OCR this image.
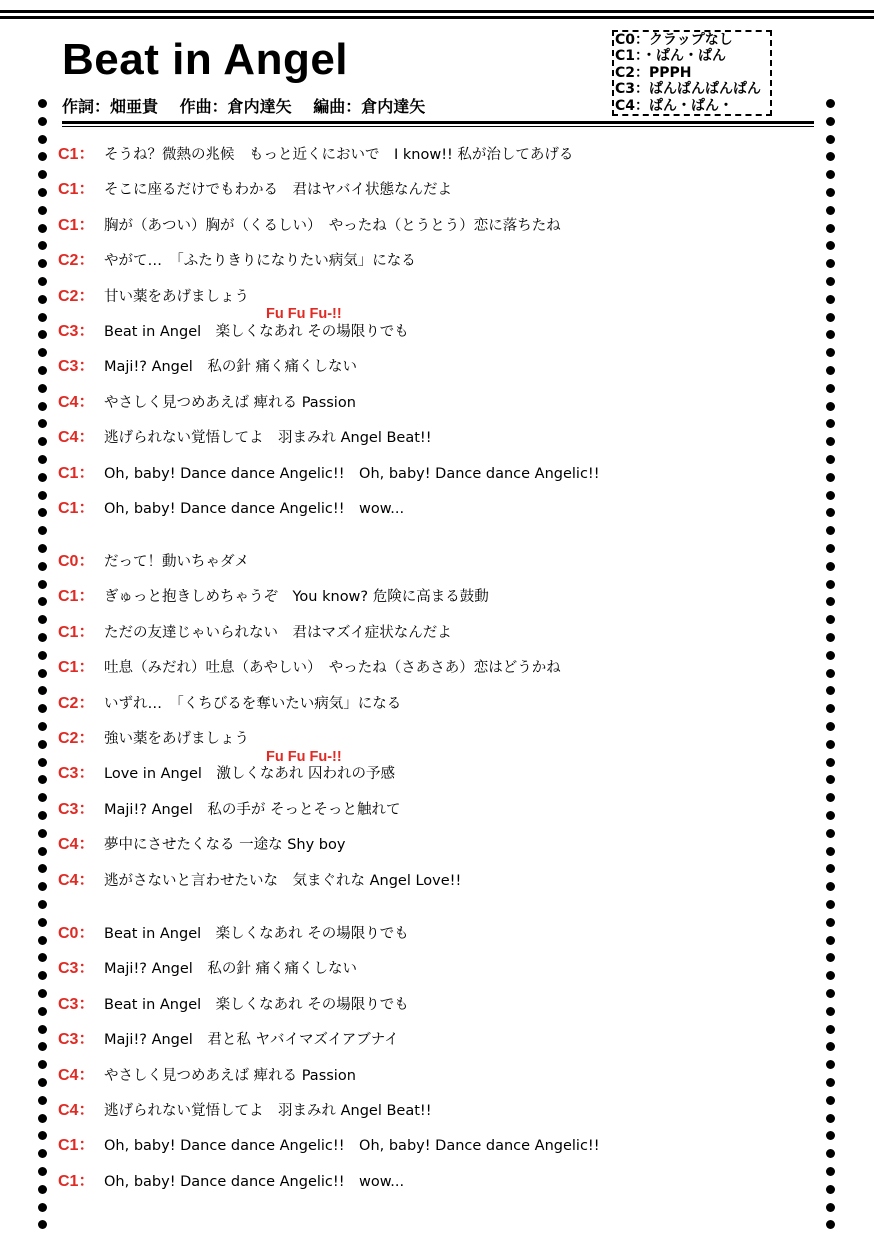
Beat in Angel
作詞：畑亜貴 作曲：倉内達矢 編曲：倉内達矢
C0：クラップなし
C1：・ぱん・ぱん
C2：PPPH
C3：ぱんぱんぱんぱん
C4：ぱん・ぱん・
C1： そうね？微熱の兆候　もっと近くにおいで　I know!! 私が治してあげる
C1： そこに座るだけでもわかる　君はヤバイ状態なんだよ
C1： 胸が（あつい）胸が（くるしい）　やったね（とうとう）恋に落ちたね
C2： やがて…　「ふたりきりになりたい病気」になる
C2： 甘い薬をあげましょう
C3： Beat in Angel　楽しくなあれ その場限りでも
C3： Maji!? Angel　私の針 痛く痛くしない
C4： やさしく見つめあえば 痺れる Passion
C4： 逃げられない覚悟してよ　羽まみれ Angel Beat!!
C1： Oh, baby! Dance dance Angelic!!　Oh, baby! Dance dance Angelic!!
C1： Oh, baby! Dance dance Angelic!!　wow...
C0： だって！動いちゃダメ
C1： ぎゅっと抱きしめちゃうぞ　You know? 危険に高まる鼓動
C1： ただの友達じゃいられない　君はマズイ症状なんだよ
C1： 吐息（みだれ）吐息（あやしい）　やったね（さあさあ）恋はどうかね
C2： いずれ…　「くちびるを奪いたい病気」になる
C2： 強い薬をあげましょう
C3： Love in Angel　激しくなあれ 囚われの予感
C3： Maji!? Angel　私の手が そっとそっと触れて
C4： 夢中にさせたくなる 一途な Shy boy
C4： 逃がさないと言わせたいな　気まぐれな Angel Love!!
C0： Beat in Angel　楽しくなあれ その場限りでも
C3： Maji!? Angel　私の針 痛く痛くしない
C3： Beat in Angel　楽しくなあれ その場限りでも
C3： Maji!? Angel　君と私 ヤバイマズイアブナイ
C4： やさしく見つめあえば 痺れる Passion
C4： 逃げられない覚悟してよ　羽まみれ Angel Beat!!
C1： Oh, baby! Dance dance Angelic!!　Oh, baby! Dance dance Angelic!!
C1： Oh, baby! Dance dance Angelic!!　wow...
Fu Fu Fu-!!
Fu Fu Fu-!!
